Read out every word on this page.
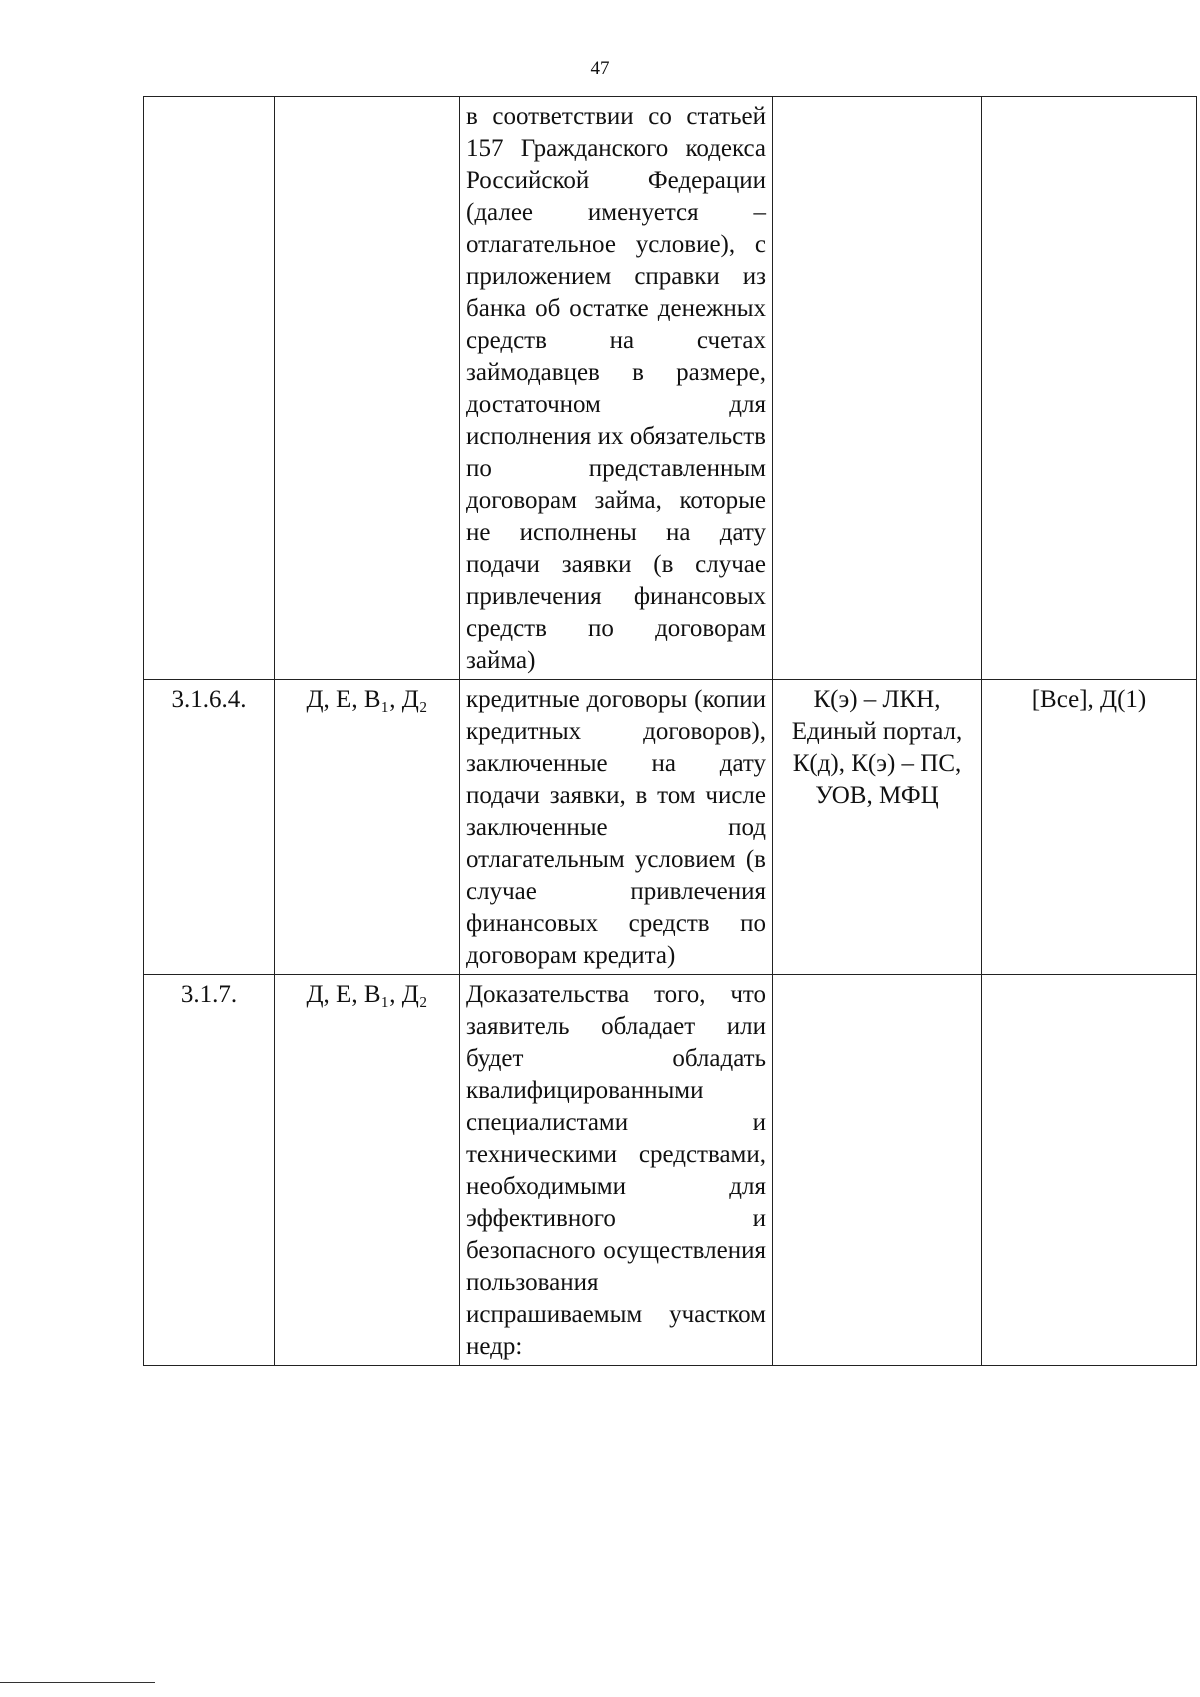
47
		в соответствии со статьей 157 Гражданского кодекса Российской Федерации (далее именуется – отлагательное условие), с приложением справки из банка об остатке денежных средств на счетах займодавцев в размере, достаточном для исполнения их обязательств по представленным договорам займа, которые не исполнены на дату подачи заявки (в случае привлечения финансовых средств по договорам займа)		
3.1.6.4.	Д, Е, В₁, Д₂	кредитные договоры (копии кредитных договоров), заключенные на дату подачи заявки, в том числе заключенные под отлагательным условием (в случае привлечения финансовых средств по договорам кредита)	К(э) – ЛКН, Единый портал, К(д), К(э) – ПС, УОВ, МФЦ	[Все], Д(1)
3.1.7.	Д, Е, В₁, Д₂	Доказательства того, что заявитель обладает или будет обладать квалифицированными специалистами и техническими средствами, необходимыми для эффективного и безопасного осуществления пользования испрашиваемым участком недр:		
